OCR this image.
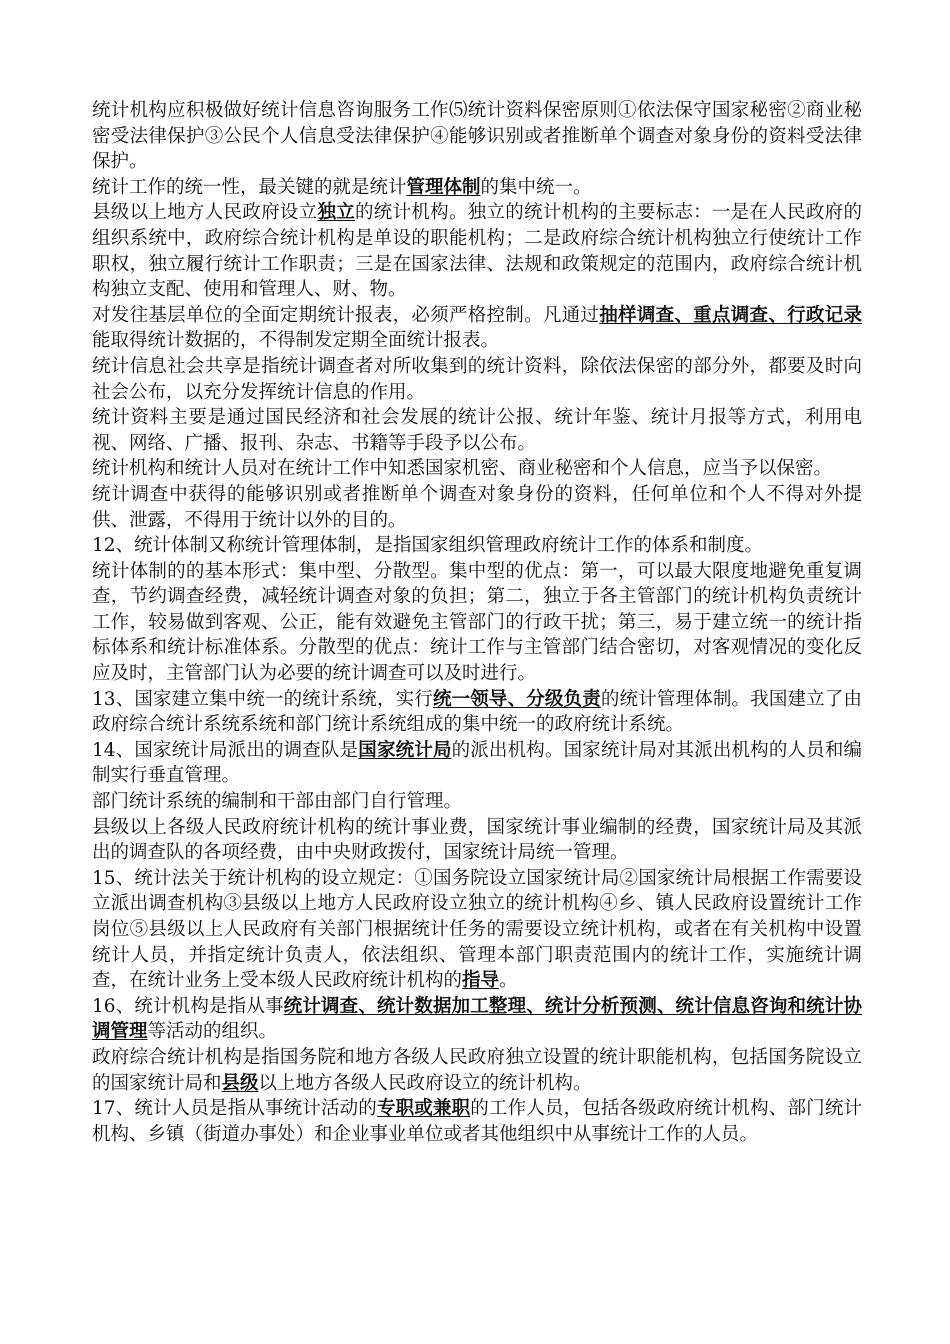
统计机构应积极做好统计信息咨询服务工作⑸统计资料保密原则①依法保守国家秘密②商业秘密受法律保护③公民个人信息受法律保护④能够识别或者推断单个调查对象身份的资料受法律保护。

统计工作的统一性，最关键的就是统计管理体制的集中统一。

县级以上地方人民政府设立独立的统计机构。独立的统计机构的主要标志：一是在人民政府的组织系统中，政府综合统计机构是单设的职能机构；二是政府综合统计机构独立行使统计工作职权，独立履行统计工作职责；三是在国家法律、法规和政策规定的范围内，政府综合统计机构独立支配、使用和管理人、财、物。

对发往基层单位的全面定期统计报表，必须严格控制。凡通过抽样调查、重点调查、行政记录能取得统计数据的，不得制发定期全面统计报表。

统计信息社会共享是指统计调查者对所收集到的统计资料，除依法保密的部分外，都要及时向社会公布，以充分发挥统计信息的作用。

统计资料主要是通过国民经济和社会发展的统计公报、统计年鉴、统计月报等方式，利用电视、网络、广播、报刊、杂志、书籍等手段予以公布。

统计机构和统计人员对在统计工作中知悉国家机密、商业秘密和个人信息，应当予以保密。

统计调查中获得的能够识别或者推断单个调查对象身份的资料，任何单位和个人不得对外提供、泄露，不得用于统计以外的目的。

12、统计体制又称统计管理体制，是指国家组织管理政府统计工作的体系和制度。

统计体制的的基本形式：集中型、分散型。集中型的优点：第一，可以最大限度地避免重复调查，节约调查经费，减轻统计调查对象的负担；第二，独立于各主管部门的统计机构负责统计工作，较易做到客观、公正，能有效避免主管部门的行政干扰；第三，易于建立统一的统计指标体系和统计标准体系。分散型的优点：统计工作与主管部门结合密切，对客观情况的变化反应及时，主管部门认为必要的统计调查可以及时进行。

13、国家建立集中统一的统计系统，实行统一领导、分级负责的统计管理体制。我国建立了由政府综合统计系统系统和部门统计系统组成的集中统一的政府统计系统。

14、国家统计局派出的调查队是国家统计局的派出机构。国家统计局对其派出机构的人员和编制实行垂直管理。

部门统计系统的编制和干部由部门自行管理。

县级以上各级人民政府统计机构的统计事业费，国家统计事业编制的经费，国家统计局及其派出的调查队的各项经费，由中央财政拨付，国家统计局统一管理。

15、统计法关于统计机构的设立规定：①国务院设立国家统计局②国家统计局根据工作需要设立派出调查机构③县级以上地方人民政府设立独立的统计机构④乡、镇人民政府设置统计工作岗位⑤县级以上人民政府有关部门根据统计任务的需要设立统计机构，或者在有关机构中设置统计人员，并指定统计负责人，依法组织、管理本部门职责范围内的统计工作，实施统计调查，在统计业务上受本级人民政府统计机构的指导。

16、统计机构是指从事统计调查、统计数据加工整理、统计分析预测、统计信息咨询和统计协调管理等活动的组织。

政府综合统计机构是指国务院和地方各级人民政府独立设置的统计职能机构，包括国务院设立的国家统计局和县级以上地方各级人民政府设立的统计机构。

17、统计人员是指从事统计活动的专职或兼职的工作人员，包括各级政府统计机构、部门统计机构、乡镇（街道办事处）和企业事业单位或者其他组织中从事统计工作的人员。
